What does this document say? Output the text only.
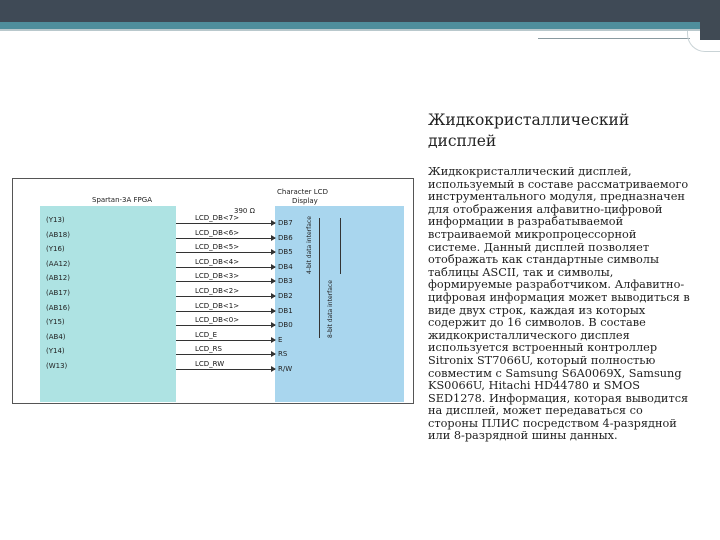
Жидкокристаллический дисплей
Жидкокристаллический дисплей, используемый в составе рассматриваемого инструментального модуля, предназначен для отображения алфавитно-цифровой информации в разрабатываемой встраиваемой микропроцессорной системе. Данный дисплей позволяет отображать как стандартные символы таблицы ASCII, так и символы, формируемые разработчиком. Алфавитно-цифровая информация может выводиться в виде двух строк, каждая из которых содержит до 16 символов. В составе жидкокристаллического дисплея используется встроенный контроллер Sitronix ST7066U, который полностью совместим с Samsung S6A0069X, Samsung KS0066U, Hitachi HD44780 и SMOS SED1278. Информация, которая выводится на дисплей, может передаваться со стороны ПЛИС посредством 4-разрядной или 8-разрядной шины данных.
Spartan-3A FPGA
Character LCD
Display
390 Ω
(Y13)	LCD_DB<7>
DB7
(AB18)	LCD_DB<6>
DB6
(Y16)	LCD_DB<5>
DB5
(AA12)	LCD_DB<4>
DB4
(AB12)	LCD_DB<3>
DB3
(AB17)	LCD_DB<2>
DB2
(AB16)	LCD_DB<1>
DB1
(Y15)	LCD_DB<0>
DB0
(AB4)	LCD_E
E
(Y14)	LCD_RS
RS
(W13)	LCD_RW
R/W
8-bit data interface
4-bit data interface
